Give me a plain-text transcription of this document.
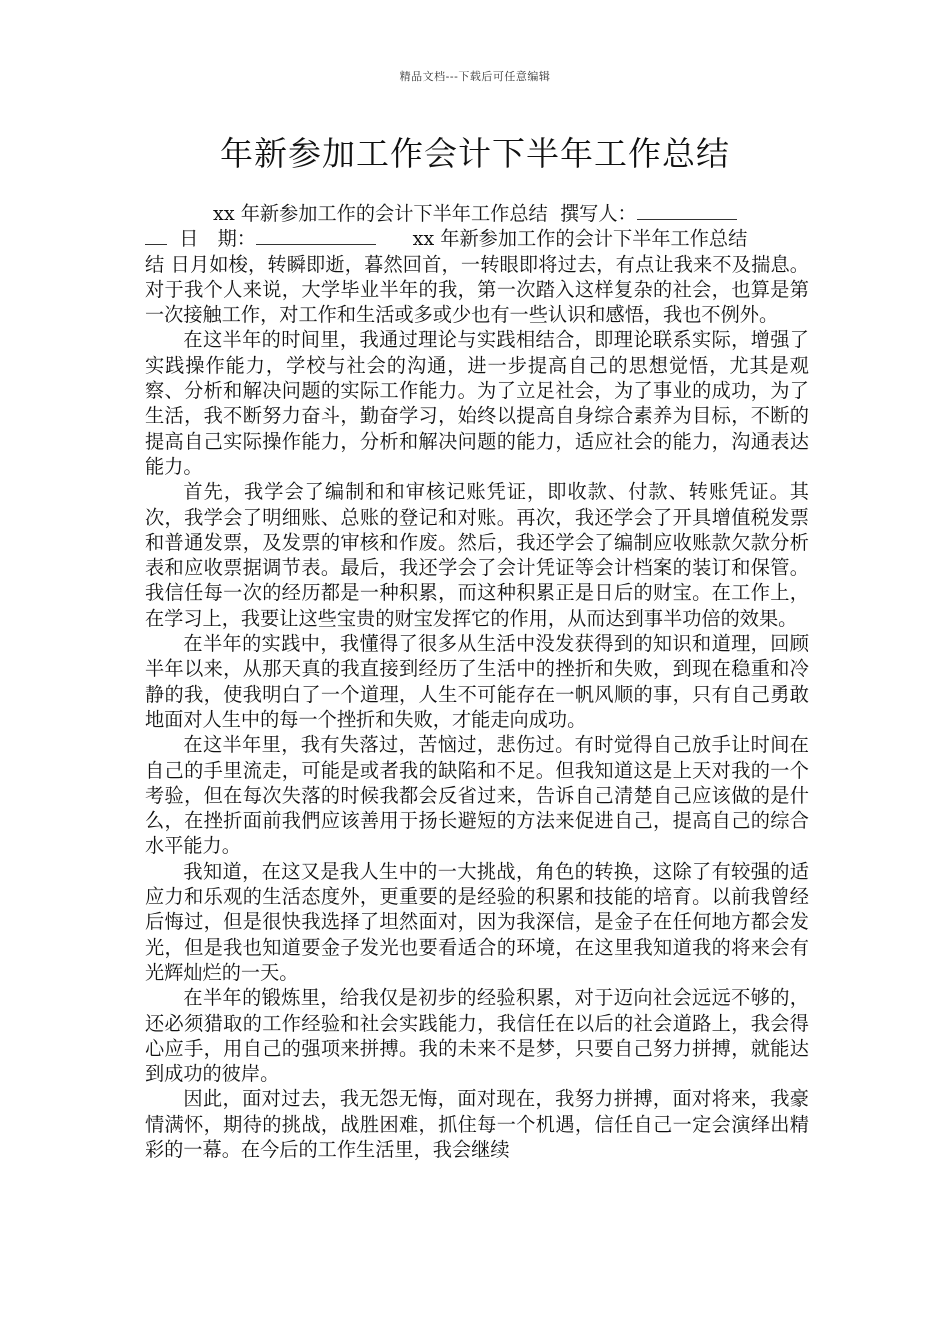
精品文档---下载后可任意编辑
年新参加工作会计下半年工作总结
xx 年新参加工作的会计下半年工作总结 撰写人：
日　期：	xx 年新参加工作的会计下半年工作总结

结 日月如梭，转瞬即逝，暮然回首，一转眼即将过去，有点让我来不及揣息。对于我个人来说，大学毕业半年的我，第一次踏入这样复杂的社会，也算是第一次接触工作，对工作和生活或多或少也有一些认识和感悟，我也不例外。

在这半年的时间里，我通过理论与实践相结合，即理论联系实际，增强了实践操作能力，学校与社会的沟通，进一步提高自己的思想觉悟，尤其是观察、分析和解决问题的实际工作能力。为了立足社会，为了事业的成功，为了生活，我不断努力奋斗，勤奋学习，始终以提高自身综合素养为目标，不断的提高自己实际操作能力，分析和解决问题的能力，适应社会的能力，沟通表达能力。

首先，我学会了编制和和审核记账凭证，即收款、付款、转账凭证。其次，我学会了明细账、总账的登记和对账。再次，我还学会了开具增值税发票和普通发票，及发票的审核和作废。然后，我还学会了编制应收账款欠款分析表和应收票据调节表。最后，我还学会了会计凭证等会计档案的装订和保管。我信任每一次的经历都是一种积累，而这种积累正是日后的财宝。在工作上，在学习上，我要让这些宝贵的财宝发挥它的作用，从而达到事半功倍的效果。

在半年的实践中，我懂得了很多从生活中没发获得到的知识和道理，回顾半年以来，从那天真的我直接到经历了生活中的挫折和失败，到现在稳重和冷静的我，使我明白了一个道理，人生不可能存在一帆风顺的事，只有自己勇敢地面对人生中的每一个挫折和失败，才能走向成功。

在这半年里，我有失落过，苦恼过，悲伤过。有时觉得自己放手让时间在自己的手里流走，可能是或者我的缺陷和不足。但我知道这是上天对我的一个考验，但在每次失落的时候我都会反省过来，告诉自己清楚自己应该做的是什么，在挫折面前我們应该善用于扬长避短的方法来促进自己，提高自己的综合水平能力。

我知道，在这又是我人生中的一大挑战，角色的转换，这除了有较强的适应力和乐观的生活态度外，更重要的是经验的积累和技能的培育。以前我曾经后悔过，但是很快我选择了坦然面对，因为我深信，是金子在任何地方都会发光，但是我也知道要金子发光也要看适合的环境，在这里我知道我的将来会有光辉灿烂的一天。

在半年的锻炼里，给我仅是初步的经验积累，对于迈向社会远远不够的，还必须猎取的工作经验和社会实践能力，我信任在以后的社会道路上，我会得心应手，用自己的强项来拼搏。我的未来不是梦，只要自己努力拼搏，就能达到成功的彼岸。

因此，面对过去，我无怨无悔，面对现在，我努力拼搏，面对将来，我豪情满怀，期待的挑战，战胜困难，抓住每一个机遇，信任自己一定会演绎出精彩的一幕。在今后的工作生活里，我会继续
